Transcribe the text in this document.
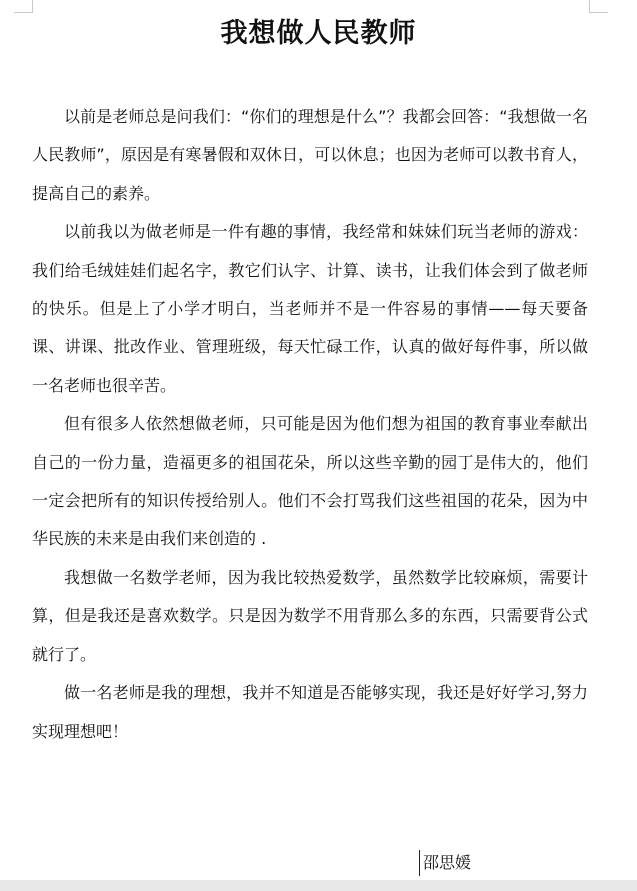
我想做人民教师

以前是老师总是问我们：“你们的理想是什么”？我都会回答：“我想做一名人民教师”，原因是有寒暑假和双休日，可以休息；也因为老师可以教书育人，提高自己的素养。

以前我以为做老师是一件有趣的事情，我经常和妹妹们玩当老师的游戏：我们给毛绒娃娃们起名字，教它们认字、计算、读书，让我们体会到了做老师的快乐。但是上了小学才明白，当老师并不是一件容易的事情——每天要备课、讲课、批改作业、管理班级，每天忙碌工作，认真的做好每件事，所以做一名老师也很辛苦。

但有很多人依然想做老师，只可能是因为他们想为祖国的教育事业奉献出自己的一份力量，造福更多的祖国花朵，所以这些辛勤的园丁是伟大的，他们一定会把所有的知识传授给别人。他们不会打骂我们这些祖国的花朵，因为中华民族的未来是由我们来创造的 .

我想做一名数学老师，因为我比较热爱数学，虽然数学比较麻烦，需要计算，但是我还是喜欢数学。只是因为数学不用背那么多的东西，只需要背公式就行了。

做一名老师是我的理想，我并不知道是否能够实现，我还是好好学习,努力实现理想吧！

邵思媛
